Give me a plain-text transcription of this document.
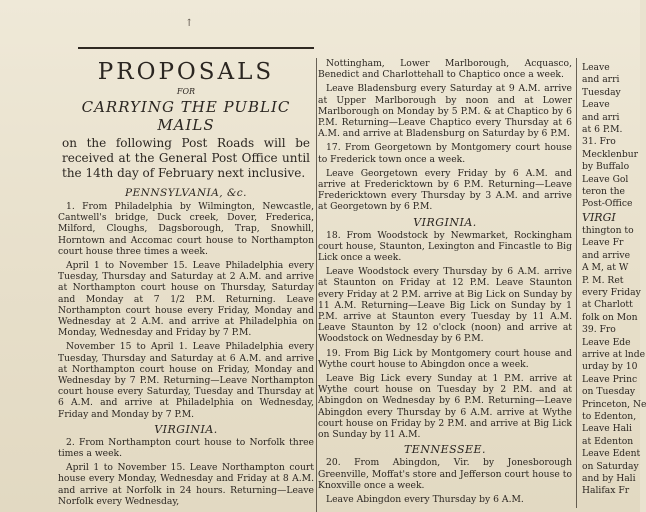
↑
PROPOSALS
FOR
CARRYING THE PUBLIC MAILS
on the following Post Roads will be received at the General Post Office until the 14th day of February next inclusive.
PENNSYLVANIA, &c.

1. From Philadelphia by Wilmington, Newcastle, Cantwell's bridge, Duck creek, Dover, Frederica, Milford, Cloughs, Dagsborough, Trap, Snowhill, Horntown and Accomac court house to Northampton court house three times a week.

April 1 to November 15. Leave Philadelphia every Tuesday, Thursday and Saturday at 2 A.M. and arrive at Northampton court house on Thursday, Saturday and Monday at 7 1/2 P.M. Returning. Leave Northampton court house every Friday, Monday and Wednesday at 2 A.M. and arrive at Philadelphia on Monday, Wednesday and Friday by 7 P.M.

November 15 to April 1. Leave Philadelphia every Tuesday, Thursday and Saturday at 6 A.M. and arrive at Northampton court house on Friday, Monday and Wednesday by 7 P.M. Returning—Leave Northampton court house every Saturday, Tuesday and Thursday at 6 A.M. and arrive at Philadelphia on Wednesday, Friday and Monday by 7 P.M.

VIRGINIA.

2. From Northampton court house to Norfolk three times a week.

April 1 to November 15. Leave Northampton court house every Monday, Wednesday and Friday at 8 A.M. and arrive at Norfolk in 24 hours. Returning—Leave Norfolk every Wednesday,

Nottingham, Lower Marlborough, Acquasco, Benedict and Charlottehall to Chaptico once a week.

Leave Bladensburg every Saturday at 9 A.M. arrive at Upper Marlborough by noon and at Lower Marlborough on Monday by 5 P.M. & at Chaptico by 6 P.M. Returning—Leave Chaptico every Thursday at 6 A.M. and arrive at Bladensburg on Saturday by 6 P.M.

17. From Georgetown by Montgomery court house to Frederick town once a week.

Leave Georgetown every Friday by 6 A.M. and arrive at Fredericktown by 6 P.M. Returning—Leave Fredericktown every Thursday by 3 A.M. and arrive at Georgetown by 6 P.M.

VIRGINIA.

18. From Woodstock by Newmarket, Rockingham court house, Staunton, Lexington and Fincastle to Big Lick once a week.

Leave Woodstock every Thursday by 6 A.M. arrive at Staunton on Friday at 12 P.M. Leave Staunton every Friday at 2 P.M. arrive at Big Lick on Sunday by 11 A.M. Returning—Leave Big Lick on Sunday by 1 P.M. arrive at Staunton every Tuesday by 11 A.M. Leave Staunton by 12 o'clock (noon) and arrive at Woodstock on Wednesday by 6 P.M.

19. From Big Lick by Montgomery court house and Wythe court house to Abingdon once a week.

Leave Big Lick every Sunday at 1 P.M. arrive at Wythe court house on Tuesday by 2 P.M. and at Abingdon on Wednesday by 6 P.M. Returning—Leave Abingdon every Thursday by 6 A.M. arrive at Wythe court house on Friday by 2 P.M. and arrive at Big Lick on Sunday by 11 A.M.

TENNESSEE.

20. From Abingdon, Vir. by Jonesborough Greenville, Moffat's store and Jefferson court house to Knoxville once a week.

Leave Abingdon every Thursday by 6 A.M.

Leave
and arri
Tuesday
Leave
and arri
at 6 P.M.
31. Fro
Mecklenbur
by Buffalo
Leave Gol
teron the
Post-Office
VIRGI
thington to
Leave Fr
and arrive
A M, at W
P. M. Ret
every Friday
at Charlott
folk on Mon
39. Fro
Leave Ede
arrive at lnde
urday by 10
Leave Princ
on Tuesday
Princeton, Ne
to Edenton,
Leave Hali
at Edenton
Leave Edent
on Saturday
and by Hali
Halifax Fr
